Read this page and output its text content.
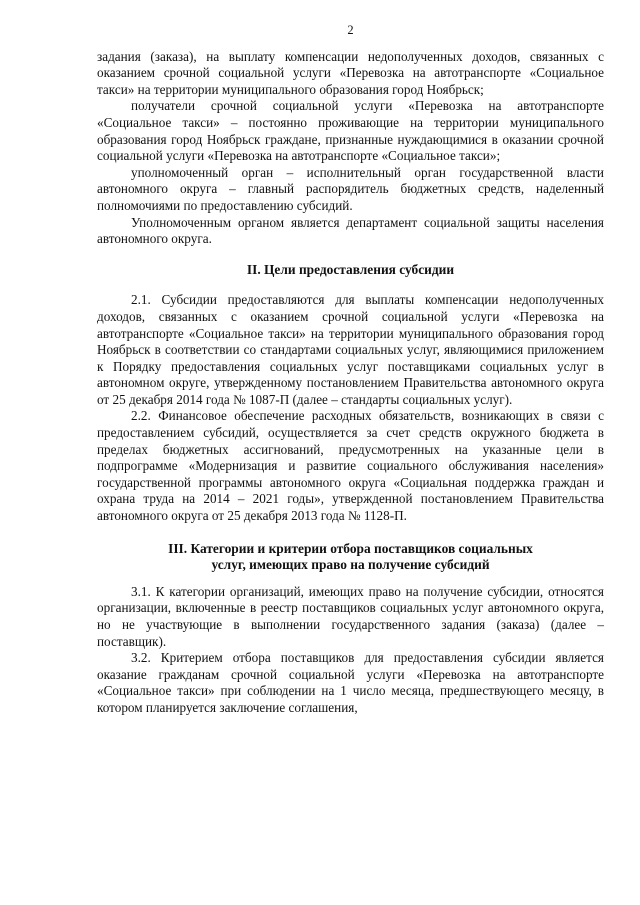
2

задания (заказа), на выплату компенсации недополученных доходов, связанных с оказанием срочной социальной услуги «Перевозка на автотранспорте «Социальное такси» на территории муниципального образования город Ноябрьск;

получатели срочной социальной услуги «Перевозка на автотранспорте «Социальное такси» – постоянно проживающие на территории муниципального образования город Ноябрьск граждане, признанные нуждающимися в оказании срочной социальной услуги «Перевозка на автотранспорте «Социальное такси»;

уполномоченный орган – исполнительный орган государственной власти автономного округа – главный распорядитель бюджетных средств, наделенный полномочиями по предоставлению субсидий.

Уполномоченным органом является департамент социальной защиты населения автономного округа.

II. Цели предоставления субсидии

2.1. Субсидии предоставляются для выплаты компенсации недополученных доходов, связанных с оказанием срочной социальной услуги «Перевозка на автотранспорте «Социальное такси» на территории муниципального образования город Ноябрьск в соответствии со стандартами социальных услуг, являющимися приложением к Порядку предоставления социальных услуг поставщиками социальных услуг в автономном округе, утвержденному постановлением Правительства автономного округа от 25 декабря 2014 года № 1087-П (далее – стандарты социальных услуг).

2.2. Финансовое обеспечение расходных обязательств, возникающих в связи с предоставлением субсидий, осуществляется за счет средств окружного бюджета в пределах бюджетных ассигнований, предусмотренных на указанные цели в подпрограмме «Модернизация и развитие социального обслуживания населения» государственной программы автономного округа «Социальная поддержка граждан и охрана труда на 2014 – 2021 годы», утвержденной постановлением Правительства автономного округа от 25 декабря 2013 года № 1128-П.

III. Категории и критерии отбора поставщиков социальных
услуг, имеющих право на получение субсидий

3.1. К категории организаций, имеющих право на получение субсидии, относятся организации, включенные в реестр поставщиков социальных услуг автономного округа, но не участвующие в выполнении государственного задания (заказа) (далее – поставщик).

3.2. Критерием отбора поставщиков для предоставления субсидии является оказание гражданам срочной социальной услуги «Перевозка на автотранспорте «Социальное такси» при соблюдении на 1 число месяца, предшествующего месяцу, в котором планируется заключение соглашения,
